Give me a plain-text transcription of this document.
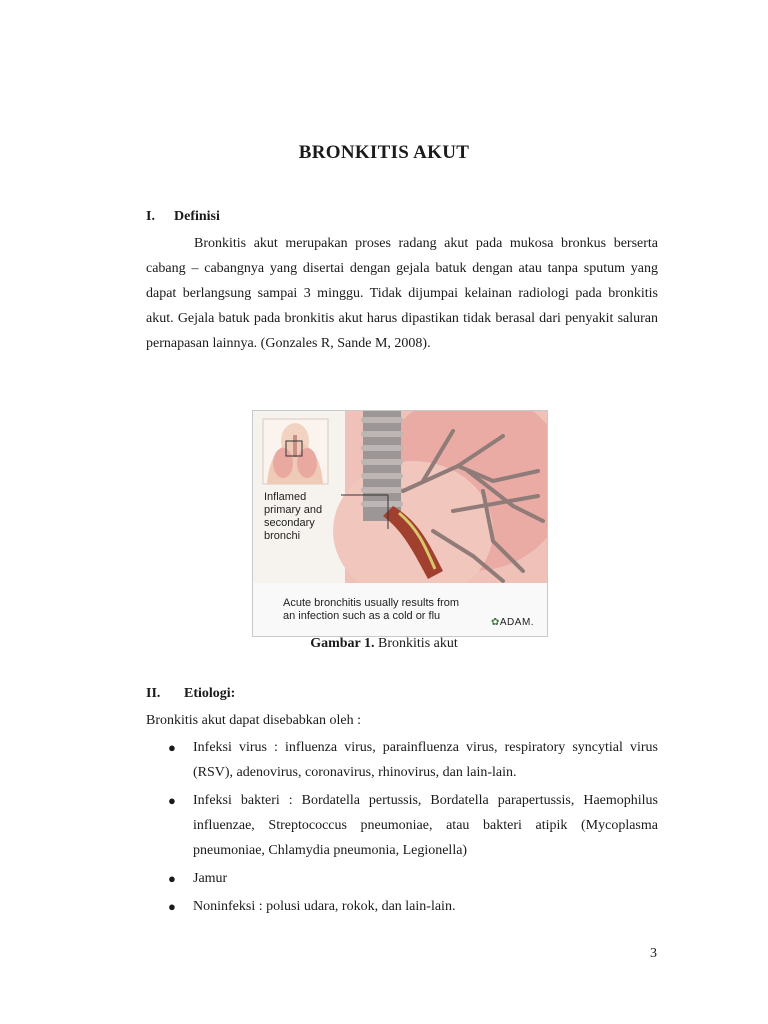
BRONKITIS AKUT
I. Definisi
Bronkitis akut merupakan proses radang akut pada mukosa bronkus berserta cabang – cabangnya yang disertai dengan gejala batuk dengan atau tanpa sputum yang dapat berlangsung sampai 3 minggu. Tidak dijumpai kelainan radiologi pada bronkitis akut. Gejala batuk pada bronkitis akut harus dipastikan tidak berasal dari penyakit saluran pernapasan lainnya. (Gonzales R, Sande M, 2008).
Inflamed
primary and
secondary
bronchi
Acute bronchitis usually results from
an infection such as a cold or flu
✿ADAM.
Gambar 1. Bronkitis akut
II. Etiologi:
Bronkitis akut dapat disebabkan oleh :
● Infeksi virus : influenza virus, parainfluenza virus, respiratory syncytial virus (RSV), adenovirus, coronavirus, rhinovirus, dan lain-lain.
● Infeksi bakteri : Bordatella pertussis, Bordatella parapertussis, Haemophilus influenzae, Streptococcus pneumoniae, atau bakteri atipik (Mycoplasma pneumoniae, Chlamydia pneumonia, Legionella)
● Jamur
● Noninfeksi : polusi udara, rokok, dan lain-lain.
3
